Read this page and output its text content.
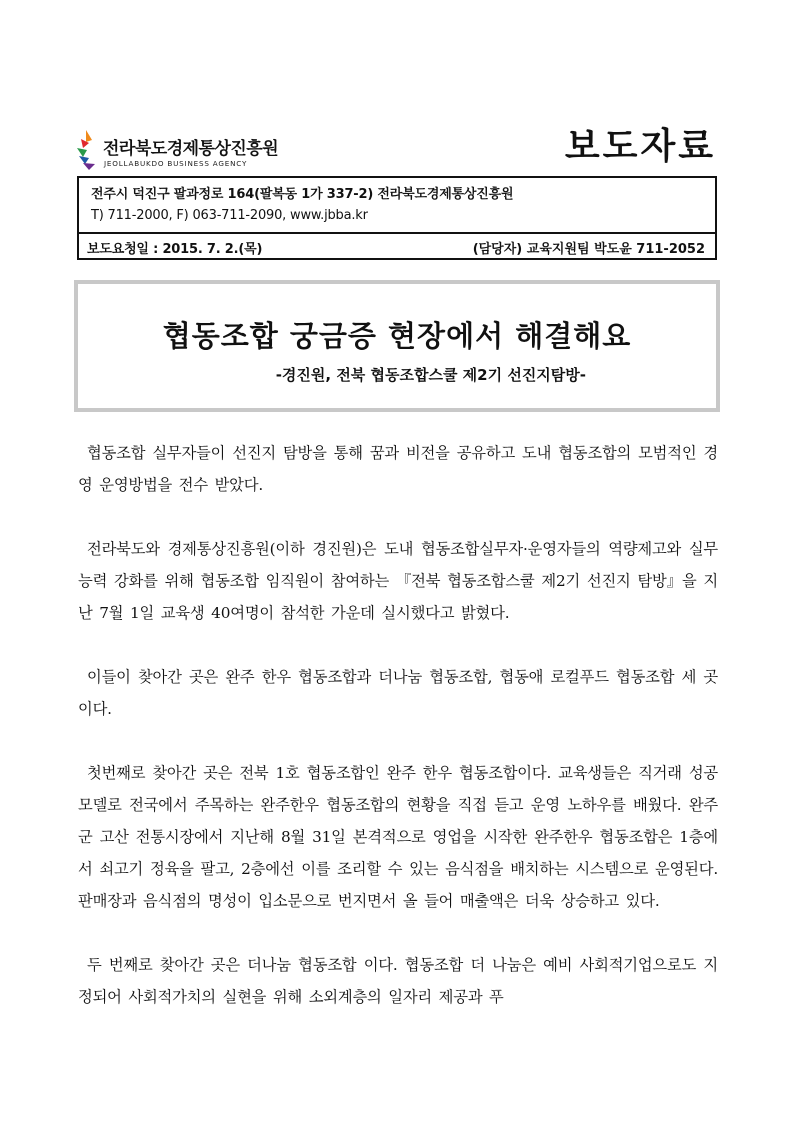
전라북도경제통상진흥원
JEOLLABUKDO BUSINESS AGENCY	보도자료
전주시 덕진구 팔과정로 164(팔복동 1가 337-2) 전라북도경제통상진흥원
T) 711-2000, F) 063-711-2090, www.jbba.kr
보도요청일 : 2015. 7. 2.(목)	(담당자) 교육지원팀 박도윤 711-2052
협동조합 궁금증 현장에서 해결해요
-경진원, 전북 협동조합스쿨 제2기 선진지탐방-

협동조합 실무자들이 선진지 탐방을 통해 꿈과 비전을 공유하고 도내 협동조합의 모범적인 경영 운영방법을 전수 받았다.

전라북도와 경제통상진흥원(이하 경진원)은 도내 협동조합실무자·운영자들의 역량제고와 실무능력 강화를 위해 협동조합 임직원이 참여하는 『전북 협동조합스쿨 제2기 선진지 탐방』을 지난 7월 1일 교육생 40여명이 참석한 가운데 실시했다고 밝혔다.

이들이 찾아간 곳은 완주 한우 협동조합과 더나눔 협동조합, 협동애 로컬푸드 협동조합 세 곳이다.

첫번째로 찾아간 곳은 전북 1호 협동조합인 완주 한우 협동조합이다. 교육생들은 직거래 성공모델로 전국에서 주목하는 완주한우 협동조합의 현황을 직접 듣고 운영 노하우를 배웠다. 완주군 고산 전통시장에서 지난해 8월 31일 본격적으로 영업을 시작한 완주한우 협동조합은 1층에서 쇠고기 정육을 팔고, 2층에선 이를 조리할 수 있는 음식점을 배치하는 시스템으로 운영된다. 판매장과 음식점의 명성이 입소문으로 번지면서 올 들어 매출액은 더욱 상승하고 있다.

두 번째로 찾아간 곳은 더나눔 협동조합 이다. 협동조합 더 나눔은 예비 사회적기업으로도 지정되어 사회적가치의 실현을 위해 소외계층의 일자리 제공과 푸
